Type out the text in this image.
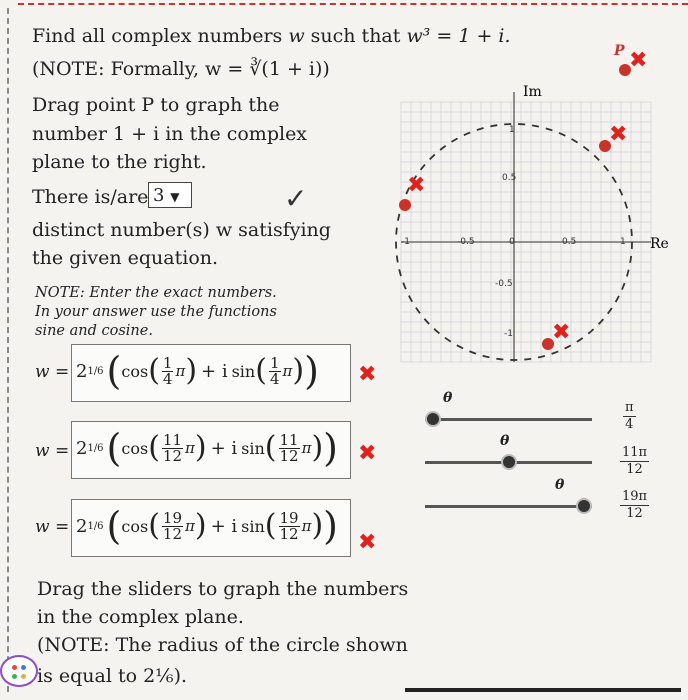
Find all complex numbers w such that w³ = 1 + i.
(NOTE: Formally, w = ∛(1 + i))
Drag point P to graph the
number 1 + i in the complex
plane to the right.
There is/are 3 ▼	✓
distinct number(s) w satisfying
the given equation.
NOTE: Enter the exact numbers.
In your answer use the functions
sine and cosine.
w = 2 1/6 ( cos ( $\frac{1}{4}$ π ) + i sin ( $\frac{1}{4}$ π ) ) ✖
w = 2 1/6 ( cos ( $\frac{11}{12}$ π ) + i sin ( $\frac{11}{12}$ π ) ) ✖
w = 2 1/6 ( cos ( $\frac{19}{12}$ π ) + i sin ( $\frac{19}{12}$ π ) ) ✖
Drag the sliders to graph the numbers
in the complex plane.
(NOTE: The radius of the circle shown
is equal to 2⅙).
Im
Re
-1	-0.5	0	0.5	1
1
0.5
-0.5
-1
✖
✖
✖
P ✖
θ
$\frac{\pi}{4}$
θ
$\frac{11\pi}{12}$
θ
$\frac{19\pi}{12}$
